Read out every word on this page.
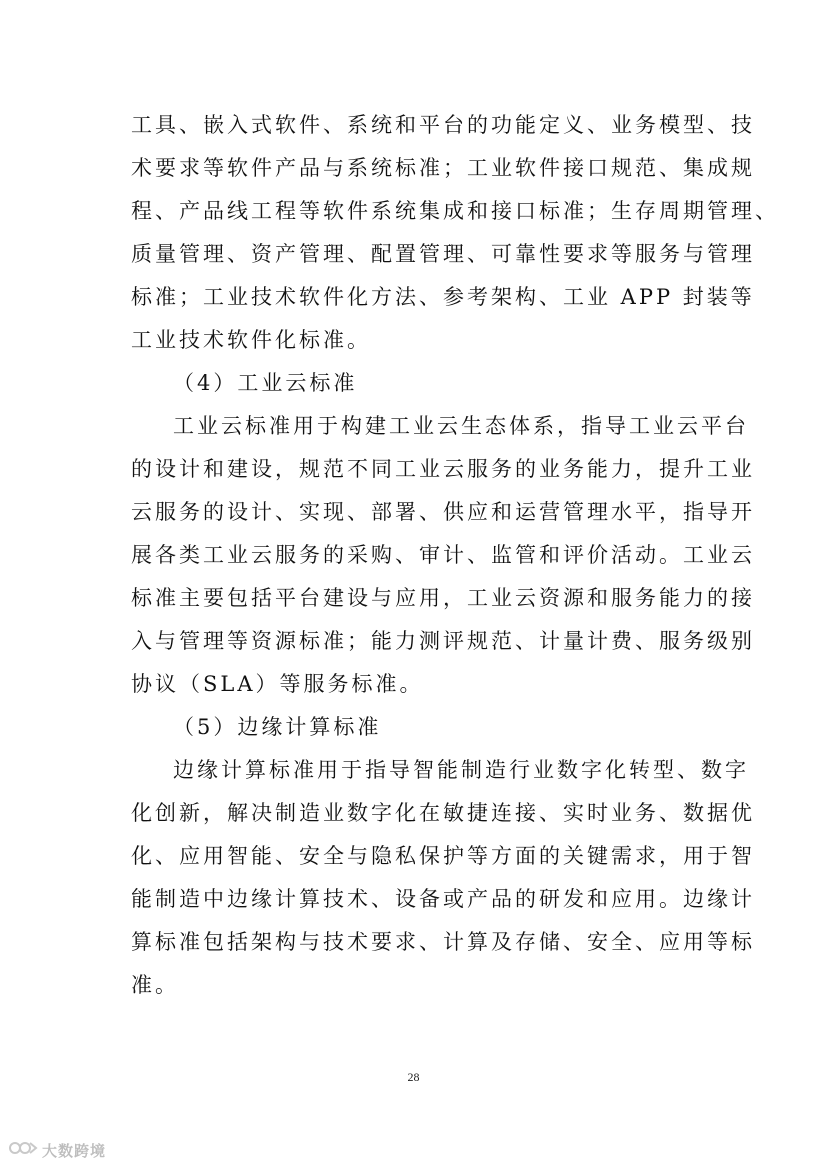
工具、嵌入式软件、系统和平台的功能定义、业务模型、技
术要求等软件产品与系统标准；工业软件接口规范、集成规
程、产品线工程等软件系统集成和接口标准；生存周期管理、
质量管理、资产管理、配置管理、可靠性要求等服务与管理
标准；工业技术软件化方法、参考架构、工业 APP 封装等
工业技术软件化标准。
（4）工业云标准
工业云标准用于构建工业云生态体系，指导工业云平台
的设计和建设，规范不同工业云服务的业务能力，提升工业
云服务的设计、实现、部署、供应和运营管理水平，指导开
展各类工业云服务的采购、审计、监管和评价活动。工业云
标准主要包括平台建设与应用，工业云资源和服务能力的接
入与管理等资源标准；能力测评规范、计量计费、服务级别
协议（SLA）等服务标准。
（5）边缘计算标准
边缘计算标准用于指导智能制造行业数字化转型、数字
化创新，解决制造业数字化在敏捷连接、实时业务、数据优
化、应用智能、安全与隐私保护等方面的关键需求，用于智
能制造中边缘计算技术、设备或产品的研发和应用。边缘计
算标准包括架构与技术要求、计算及存储、安全、应用等标
准。
28
大数跨境
